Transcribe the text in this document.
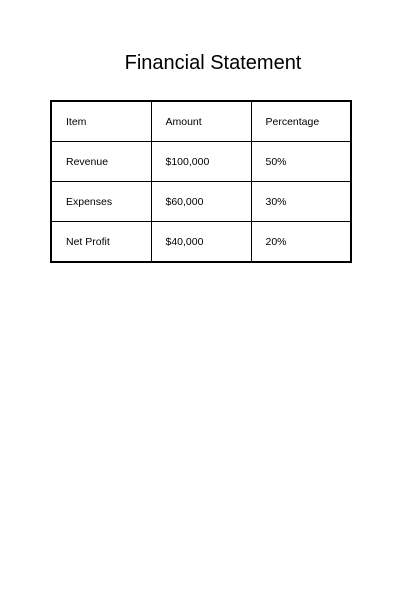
Financial Statement
Item	Amount	Percentage
Revenue	$100,000	50%
Expenses	$60,000	30%
Net Profit	$40,000	20%
